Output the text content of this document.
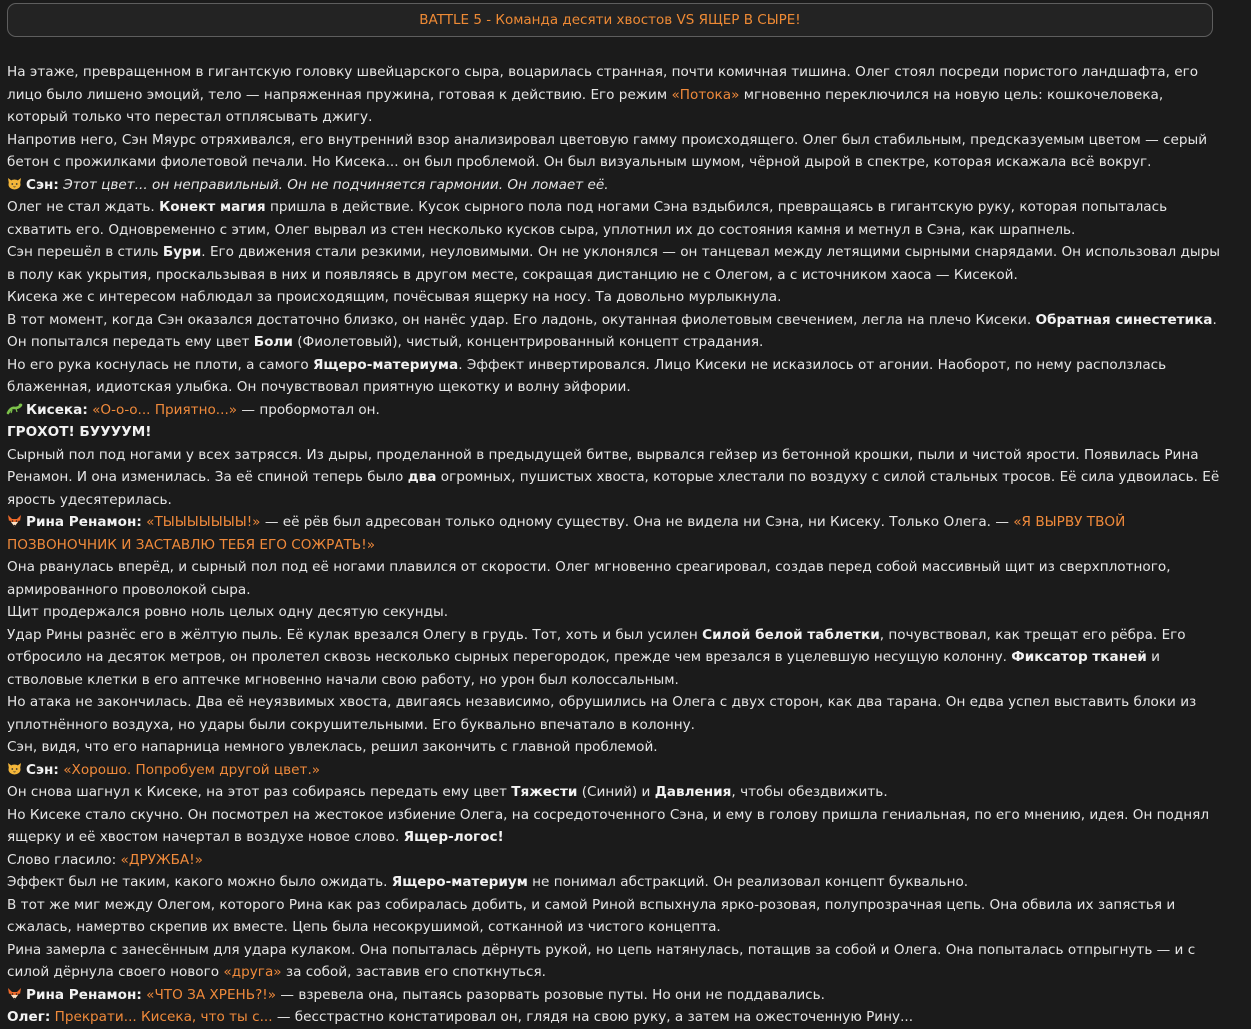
BATTLE 5 - Команда десяти хвостов VS ЯЩЕР В СЫРЕ!
На этаже, превращенном в гигантскую головку швейцарского сыра, воцарилась странная, почти комичная тишина. Олег стоял посреди пористого ландшафта, его лицо было лишено эмоций, тело — напряженная пружина, готовая к действию. Его режим «Потока» мгновенно переключился на новую цель: кошкочеловека, который только что перестал отплясывать джигу.
Напротив него, Сэн Мяурс отряхивался, его внутренний взор анализировал цветовую гамму происходящего. Олег был стабильным, предсказуемым цветом — серый бетон с прожилками фиолетовой печали. Но Кисека... он был проблемой. Он был визуальным шумом, чёрной дырой в спектре, которая искажала всё вокруг.
Сэн: Этот цвет... он неправильный. Он не подчиняется гармонии. Он ломает её.
Олег не стал ждать. Конект магия пришла в действие. Кусок сырного пола под ногами Сэна вздыбился, превращаясь в гигантскую руку, которая попыталась схватить его. Одновременно с этим, Олег вырвал из стен несколько кусков сыра, уплотнил их до состояния камня и метнул в Сэна, как шрапнель.
Сэн перешёл в стиль Бури. Его движения стали резкими, неуловимыми. Он не уклонялся — он танцевал между летящими сырными снарядами. Он использовал дыры в полу как укрытия, проскальзывая в них и появляясь в другом месте, сокращая дистанцию не с Олегом, а с источником хаоса — Кисекой.
Кисека же с интересом наблюдал за происходящим, почёсывая ящерку на носу. Та довольно мурлыкнула.
В тот момент, когда Сэн оказался достаточно близко, он нанёс удар. Его ладонь, окутанная фиолетовым свечением, легла на плечо Кисеки. Обратная синестетика. Он попытался передать ему цвет Боли (Фиолетовый), чистый, концентрированный концепт страдания.
Но его рука коснулась не плоти, а самого Ящеро-материума. Эффект инвертировался. Лицо Кисеки не исказилось от агонии. Наоборот, по нему расползлась блаженная, идиотская улыбка. Он почувствовал приятную щекотку и волну эйфории.
Кисека: «О-о-о... Приятно...» — пробормотал он.
ГРОХОТ! БУУУУМ!
Сырный пол под ногами у всех затрясся. Из дыры, проделанной в предыдущей битве, вырвался гейзер из бетонной крошки, пыли и чистой ярости. Появилась Рина Ренамон. И она изменилась. За её спиной теперь было два огромных, пушистых хвоста, которые хлестали по воздуху с силой стальных тросов. Её сила удвоилась. Её ярость удесятерилась.
Рина Ренамон: «ТЫЫЫЫЫЫЫ!» — её рёв был адресован только одному существу. Она не видела ни Сэна, ни Кисеку. Только Олега. — «Я ВЫРВУ ТВОЙ ПОЗВОНОЧНИК И ЗАСТАВЛЮ ТЕБЯ ЕГО СОЖРАТЬ!»
Она рванулась вперёд, и сырный пол под её ногами плавился от скорости. Олег мгновенно среагировал, создав перед собой массивный щит из сверхплотного, армированного проволокой сыра.
Щит продержался ровно ноль целых одну десятую секунды.
Удар Рины разнёс его в жёлтую пыль. Её кулак врезался Олегу в грудь. Тот, хоть и был усилен Силой белой таблетки, почувствовал, как трещат его рёбра. Его отбросило на десяток метров, он пролетел сквозь несколько сырных перегородок, прежде чем врезался в уцелевшую несущую колонну. Фиксатор тканей и стволовые клетки в его аптечке мгновенно начали свою работу, но урон был колоссальным.
Но атака не закончилась. Два её неуязвимых хвоста, двигаясь независимо, обрушились на Олега с двух сторон, как два тарана. Он едва успел выставить блоки из уплотнённого воздуха, но удары были сокрушительными. Его буквально впечатало в колонну.
Сэн, видя, что его напарница немного увлеклась, решил закончить с главной проблемой.
Сэн: «Хорошо. Попробуем другой цвет.»
Он снова шагнул к Кисеке, на этот раз собираясь передать ему цвет Тяжести (Синий) и Давления, чтобы обездвижить.
Но Кисеке стало скучно. Он посмотрел на жестокое избиение Олега, на сосредоточенного Сэна, и ему в голову пришла гениальная, по его мнению, идея. Он поднял ящерку и её хвостом начертал в воздухе новое слово. Ящер-логос!
Слово гласило: «ДРУЖБА!»
Эффект был не таким, какого можно было ожидать. Ящеро-материум не понимал абстракций. Он реализовал концепт буквально.
В тот же миг между Олегом, которого Рина как раз собиралась добить, и самой Риной вспыхнула ярко-розовая, полупрозрачная цепь. Она обвила их запястья и сжалась, намертво скрепив их вместе. Цепь была несокрушимой, сотканной из чистого концепта.
Рина замерла с занесённым для удара кулаком. Она попыталась дёрнуть рукой, но цепь натянулась, потащив за собой и Олега. Она попыталась отпрыгнуть — и с силой дёрнула своего нового «друга» за собой, заставив его споткнуться.
Рина Ренамон: «ЧТО ЗА ХРЕНЬ?!» — взревела она, пытаясь разорвать розовые путы. Но они не поддавались.
Олег: Прекрати... Кисека, что ты с... — бесстрастно констатировал он, глядя на свою руку, а затем на ожесточенную Рину...
